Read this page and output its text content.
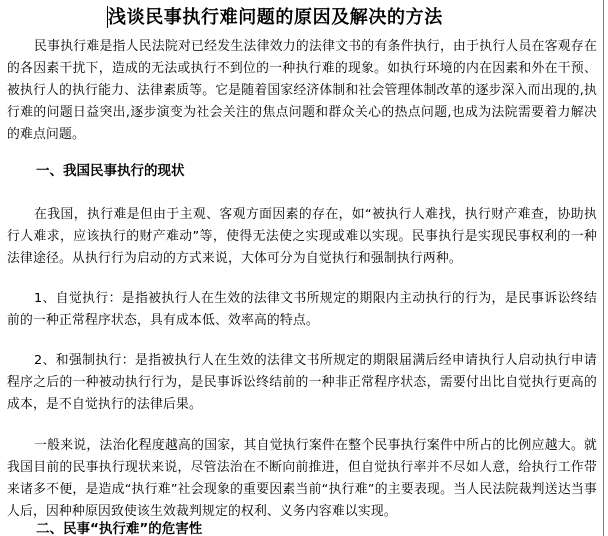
浅谈民事执行难问题的原因及解决的方法
民事执行难是指人民法院对已经发生法律效力的法律文书的有条件执行，由于执行人员在客观存在的各因素干扰下，造成的无法或执行不到位的一种执行难的现象。如执行环境的内在因素和外在干预、被执行人的执行能力、法律素质等。它是随着国家经济体制和社会管理体制改革的逐步深入而出现的,执行难的问题日益突出,逐步演变为社会关注的焦点问题和群众关心的热点问题,也成为法院需要着力解决的难点问题。
一、我国民事执行的现状
在我国，执行难是但由于主观、客观方面因素的存在，如“被执行人难找，执行财产难查，协助执行人难求，应该执行的财产难动”等，使得无法使之实现或难以实现。民事执行是实现民事权利的一种法律途径。从执行行为启动的方式来说，大体可分为自觉执行和强制执行两种。
1、自觉执行：是指被执行人在生效的法律文书所规定的期限内主动执行的行为，是民事诉讼终结前的一种正常程序状态，具有成本低、效率高的特点。
2、和强制执行：是指被执行人在生效的法律文书所规定的期限届满后经申请执行人启动执行申请程序之后的一种被动执行行为，是民事诉讼终结前的一种非正常程序状态，需要付出比自觉执行更高的成本，是不自觉执行的法律后果。
一般来说，法治化程度越高的国家，其自觉执行案件在整个民事执行案件中所占的比例应越大。就我国目前的民事执行现状来说，尽管法治在不断向前推进，但自觉执行率并不尽如人意，给执行工作带来诸多不便，是造成“执行难”社会现象的重要因素当前“执行难”的主要表现。当人民法院裁判送达当事人后，因种种原因致使该生效裁判规定的权利、义务内容难以实现。
二、民事“执行难”的危害性
